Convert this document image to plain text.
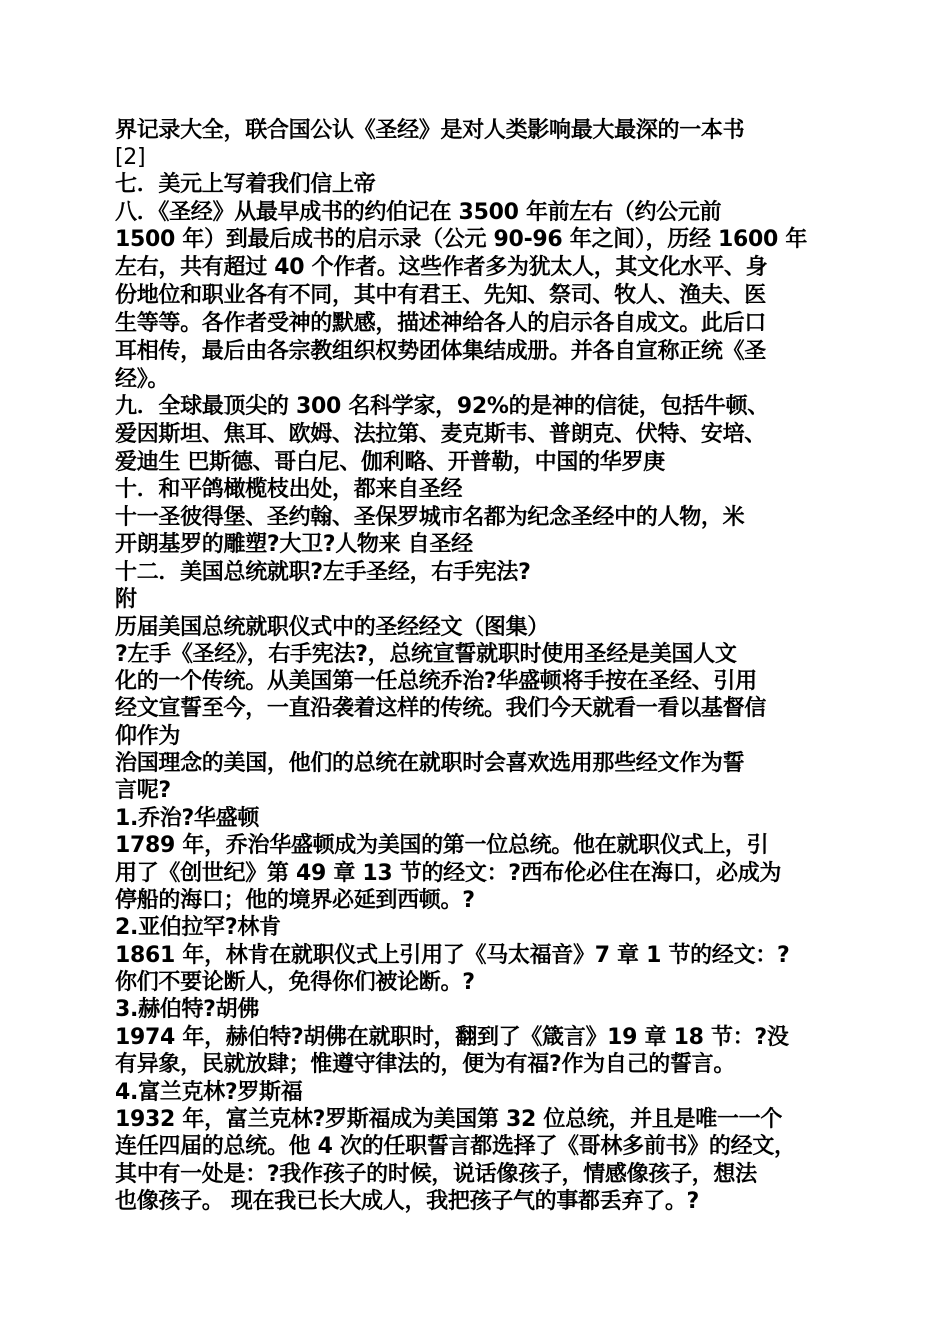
界记录大全，联合国公认《圣经》是对人类影响最大最深的一本书
[2]
七．美元上写着我们信上帝
八．《圣经》从最早成书的约伯记在 3500 年前左右（约公元前
1500 年）到最后成书的启示录（公元 90-96 年之间），历经 1600 年
左右，共有超过 40 个作者。这些作者多为犹太人，其文化水平、身
份地位和职业各有不同，其中有君王、先知、祭司、牧人、渔夫、医
生等等。各作者受神的默感，描述神给各人的启示各自成文。此后口
耳相传，最后由各宗教组织权势团体集结成册。并各自宣称正统《圣
经》。
九．全球最顶尖的 300 名科学家，92%的是神的信徒，包括牛顿、
爱因斯坦、焦耳、欧姆、法拉第、麦克斯韦、普朗克、伏特、安培、
爱迪生 巴斯德、哥白尼、伽利略、开普勒，中国的华罗庚
十．和平鸽橄榄枝出处，都来自圣经
十一圣彼得堡、圣约翰、圣保罗城市名都为纪念圣经中的人物，米
开朗基罗的雕塑?大卫?人物来 自圣经
十二．美国总统就职?左手圣经，右手宪法?
附
历届美国总统就职仪式中的圣经经文（图集）
?左手《圣经》，右手宪法?，总统宣誓就职时使用圣经是美国人文
化的一个传统。从美国第一任总统乔治?华盛顿将手按在圣经、引用
经文宣誓至今，一直沿袭着这样的传统。我们今天就看一看以基督信
仰作为
治国理念的美国，他们的总统在就职时会喜欢选用那些经文作为誓
言呢?
1.乔治?华盛顿
1789 年，乔治华盛顿成为美国的第一位总统。他在就职仪式上，引
用了《创世纪》第 49 章 13 节的经文：?西布伦必住在海口，必成为
停船的海口；他的境界必延到西顿。?
2.亚伯拉罕?林肯
1861 年，林肯在就职仪式上引用了《马太福音》7 章 1 节的经文：?
你们不要论断人，免得你们被论断。?
3.赫伯特?胡佛
1974 年，赫伯特?胡佛在就职时，翻到了《箴言》19 章 18 节：?没
有异象，民就放肆；惟遵守律法的，便为有福?作为自己的誓言。
4.富兰克林?罗斯福
1932 年，富兰克林?罗斯福成为美国第 32 位总统，并且是唯一一个
连任四届的总统。他 4 次的任职誓言都选择了《哥林多前书》的经文，
其中有一处是：?我作孩子的时候，说话像孩子，情感像孩子，想法
也像孩子。 现在我已长大成人，我把孩子气的事都丢弃了。?
